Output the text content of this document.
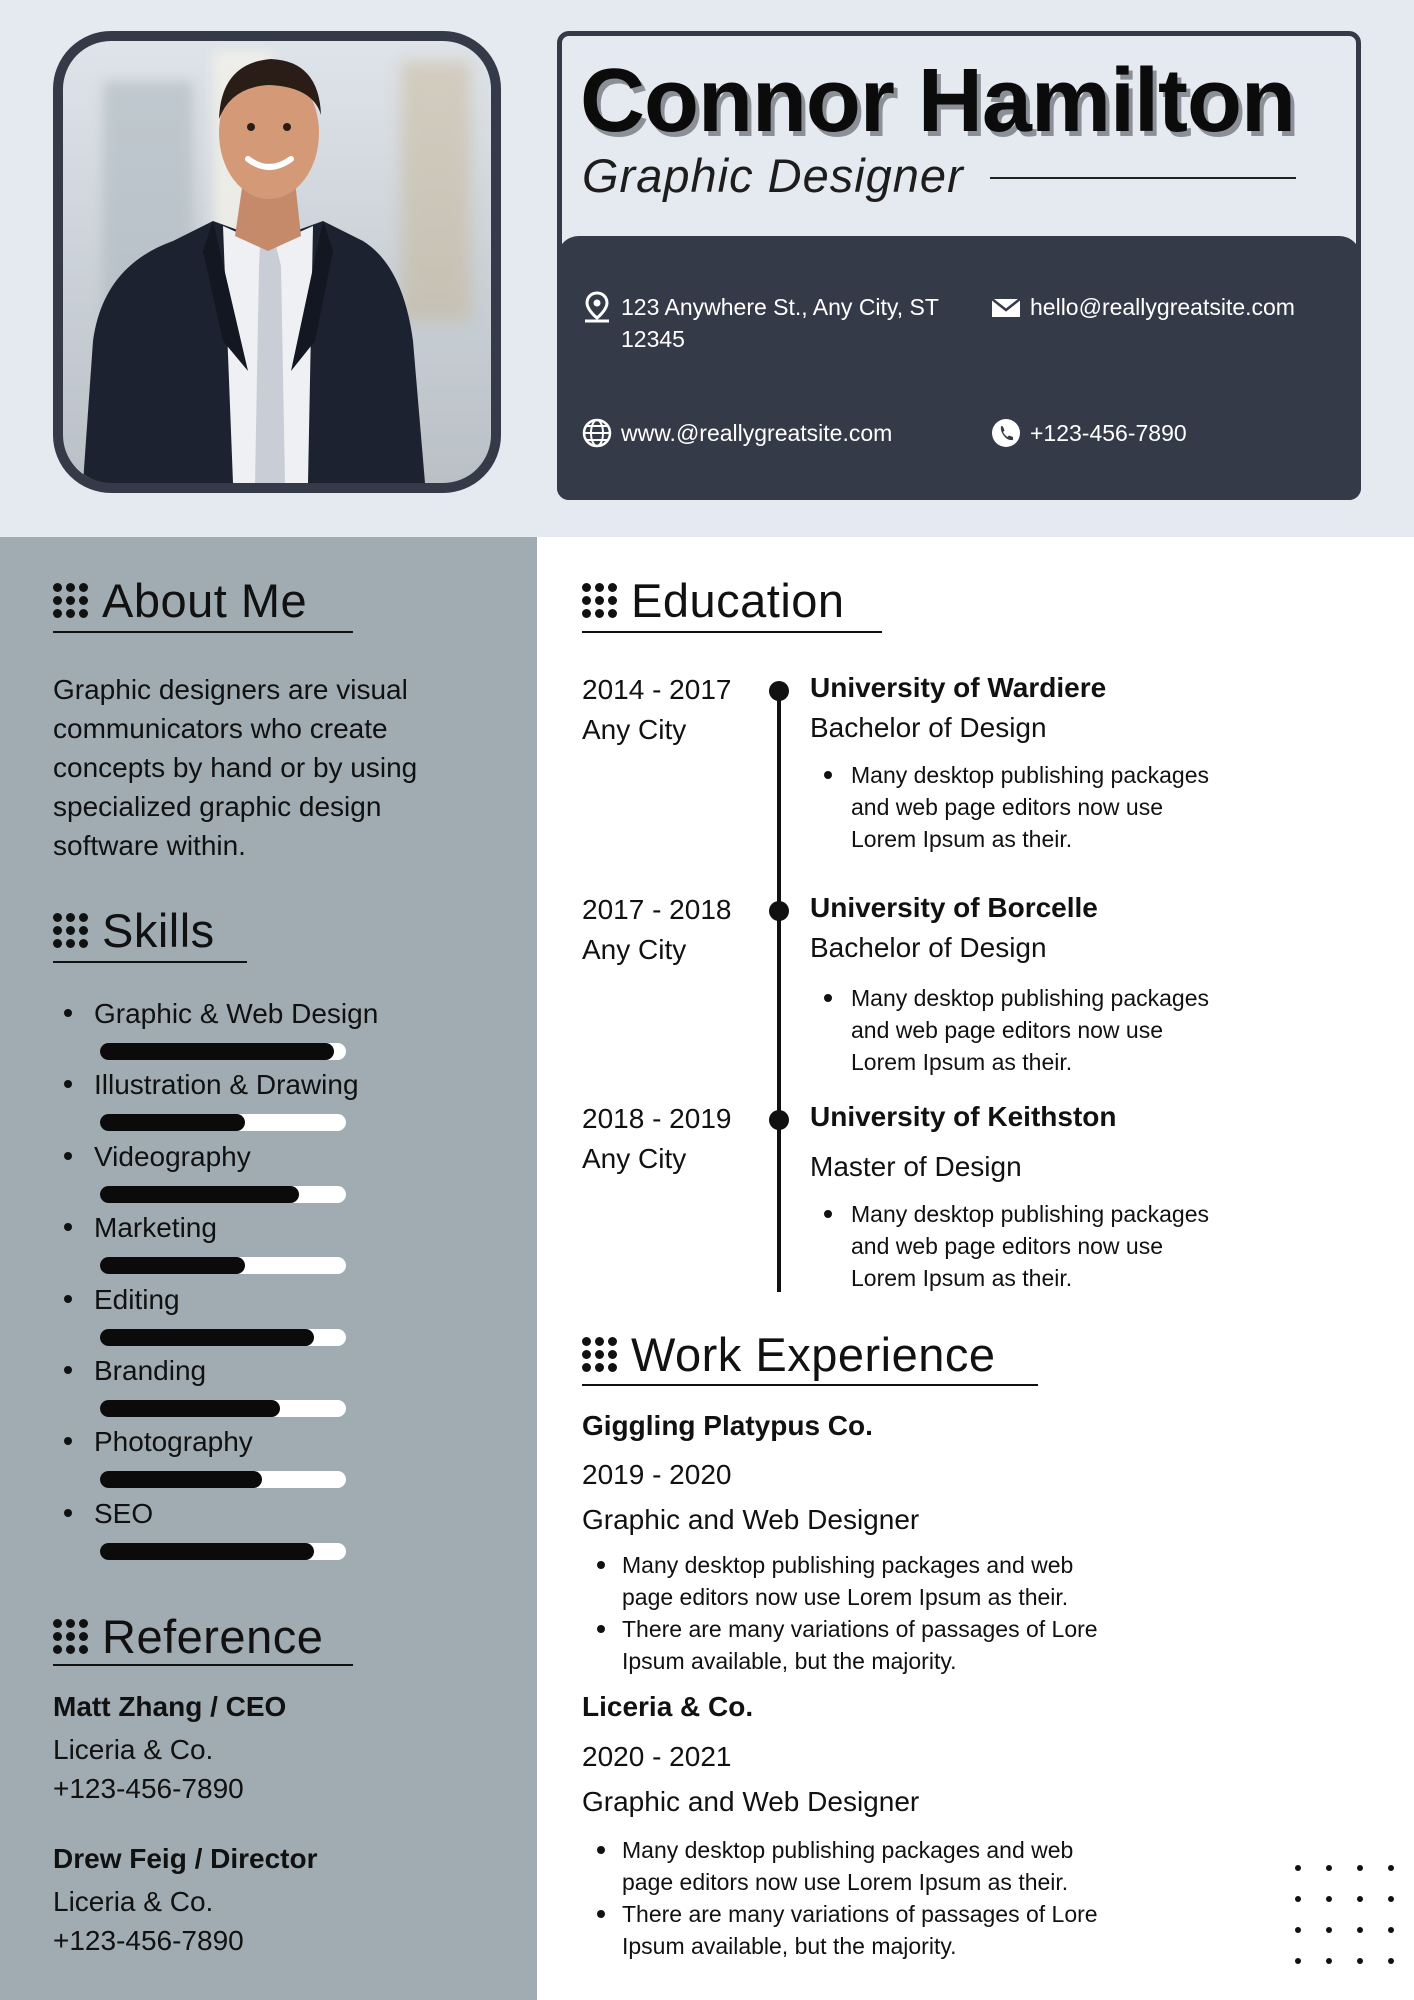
Connor Hamilton
Graphic Designer
123 Anywhere St., Any City, ST
12345
hello@reallygreatsite.com
www.@reallygreatsite.com	+123-456-7890
About Me
Graphic designers are visual
communicators who create
concepts by hand or by using
specialized graphic design
software within.
Skills
Graphic & Web Design
Illustration & Drawing
Videography
Marketing
Editing
Branding
Photography
SEO
Reference
Matt Zhang / CEO
Liceria & Co.
+123-456-7890
Drew Feig / Director
Liceria & Co.
+123-456-7890
Education
2014 - 2017
Any City
University of Wardiere
Bachelor of Design
Many desktop publishing packages
and web page editors now use
Lorem Ipsum as their.
2017 - 2018
Any City
University of Borcelle
Bachelor of Design
Many desktop publishing packages
and web page editors now use
Lorem Ipsum as their.
2018 - 2019
Any City
University of Keithston
Master of Design
Many desktop publishing packages
and web page editors now use
Lorem Ipsum as their.
Work Experience
Giggling Platypus Co.
2019 - 2020
Graphic and Web Designer
Many desktop publishing packages and web
page editors now use Lorem Ipsum as their.
There are many variations of passages of Lore
Ipsum available, but the majority.
Liceria & Co.
2020 - 2021
Graphic and Web Designer
Many desktop publishing packages and web
page editors now use Lorem Ipsum as their.
There are many variations of passages of Lore
Ipsum available, but the majority.
